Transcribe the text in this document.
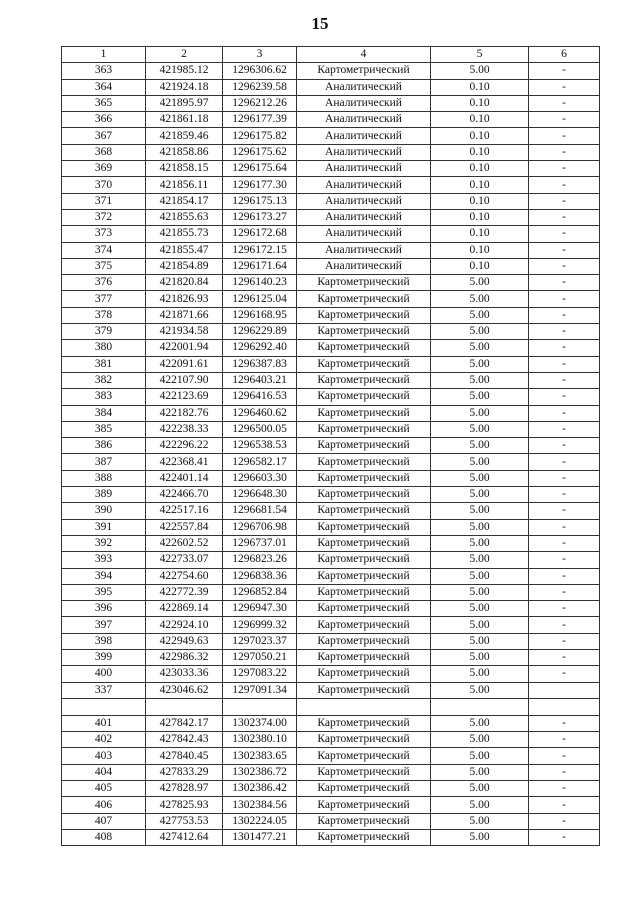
15
1	2	3	4	5	6
363	421985.12	1296306.62	Картометрический	5.00	-
364	421924.18	1296239.58	Аналитический	0.10	-
365	421895.97	1296212.26	Аналитический	0.10	-
366	421861.18	1296177.39	Аналитический	0.10	-
367	421859.46	1296175.82	Аналитический	0.10	-
368	421858.86	1296175.62	Аналитический	0.10	-
369	421858.15	1296175.64	Аналитический	0.10	-
370	421856.11	1296177.30	Аналитический	0.10	-
371	421854.17	1296175.13	Аналитический	0.10	-
372	421855.63	1296173.27	Аналитический	0.10	-
373	421855.73	1296172.68	Аналитический	0.10	-
374	421855.47	1296172.15	Аналитический	0.10	-
375	421854.89	1296171.64	Аналитический	0.10	-
376	421820.84	1296140.23	Картометрический	5.00	-
377	421826.93	1296125.04	Картометрический	5.00	-
378	421871.66	1296168.95	Картометрический	5.00	-
379	421934.58	1296229.89	Картометрический	5.00	-
380	422001.94	1296292.40	Картометрический	5.00	-
381	422091.61	1296387.83	Картометрический	5.00	-
382	422107.90	1296403.21	Картометрический	5.00	-
383	422123.69	1296416.53	Картометрический	5.00	-
384	422182.76	1296460.62	Картометрический	5.00	-
385	422238.33	1296500.05	Картометрический	5.00	-
386	422296.22	1296538.53	Картометрический	5.00	-
387	422368.41	1296582.17	Картометрический	5.00	-
388	422401.14	1296603.30	Картометрический	5.00	-
389	422466.70	1296648.30	Картометрический	5.00	-
390	422517.16	1296681.54	Картометрический	5.00	-
391	422557.84	1296706.98	Картометрический	5.00	-
392	422602.52	1296737.01	Картометрический	5.00	-
393	422733.07	1296823.26	Картометрический	5.00	-
394	422754.60	1296838.36	Картометрический	5.00	-
395	422772.39	1296852.84	Картометрический	5.00	-
396	422869.14	1296947.30	Картометрический	5.00	-
397	422924.10	1296999.32	Картометрический	5.00	-
398	422949.63	1297023.37	Картометрический	5.00	-
399	422986.32	1297050.21	Картометрический	5.00	-
400	423033.36	1297083.22	Картометрический	5.00	-
337	423046.62	1297091.34	Картометрический	5.00	

401	427842.17	1302374.00	Картометрический	5.00	-
402	427842.43	1302380.10	Картометрический	5.00	-
403	427840.45	1302383.65	Картометрический	5.00	-
404	427833.29	1302386.72	Картометрический	5.00	-
405	427828.97	1302386.42	Картометрический	5.00	-
406	427825.93	1302384.56	Картометрический	5.00	-
407	427753.53	1302224.05	Картометрический	5.00	-
408	427412.64	1301477.21	Картометрический	5.00	-
